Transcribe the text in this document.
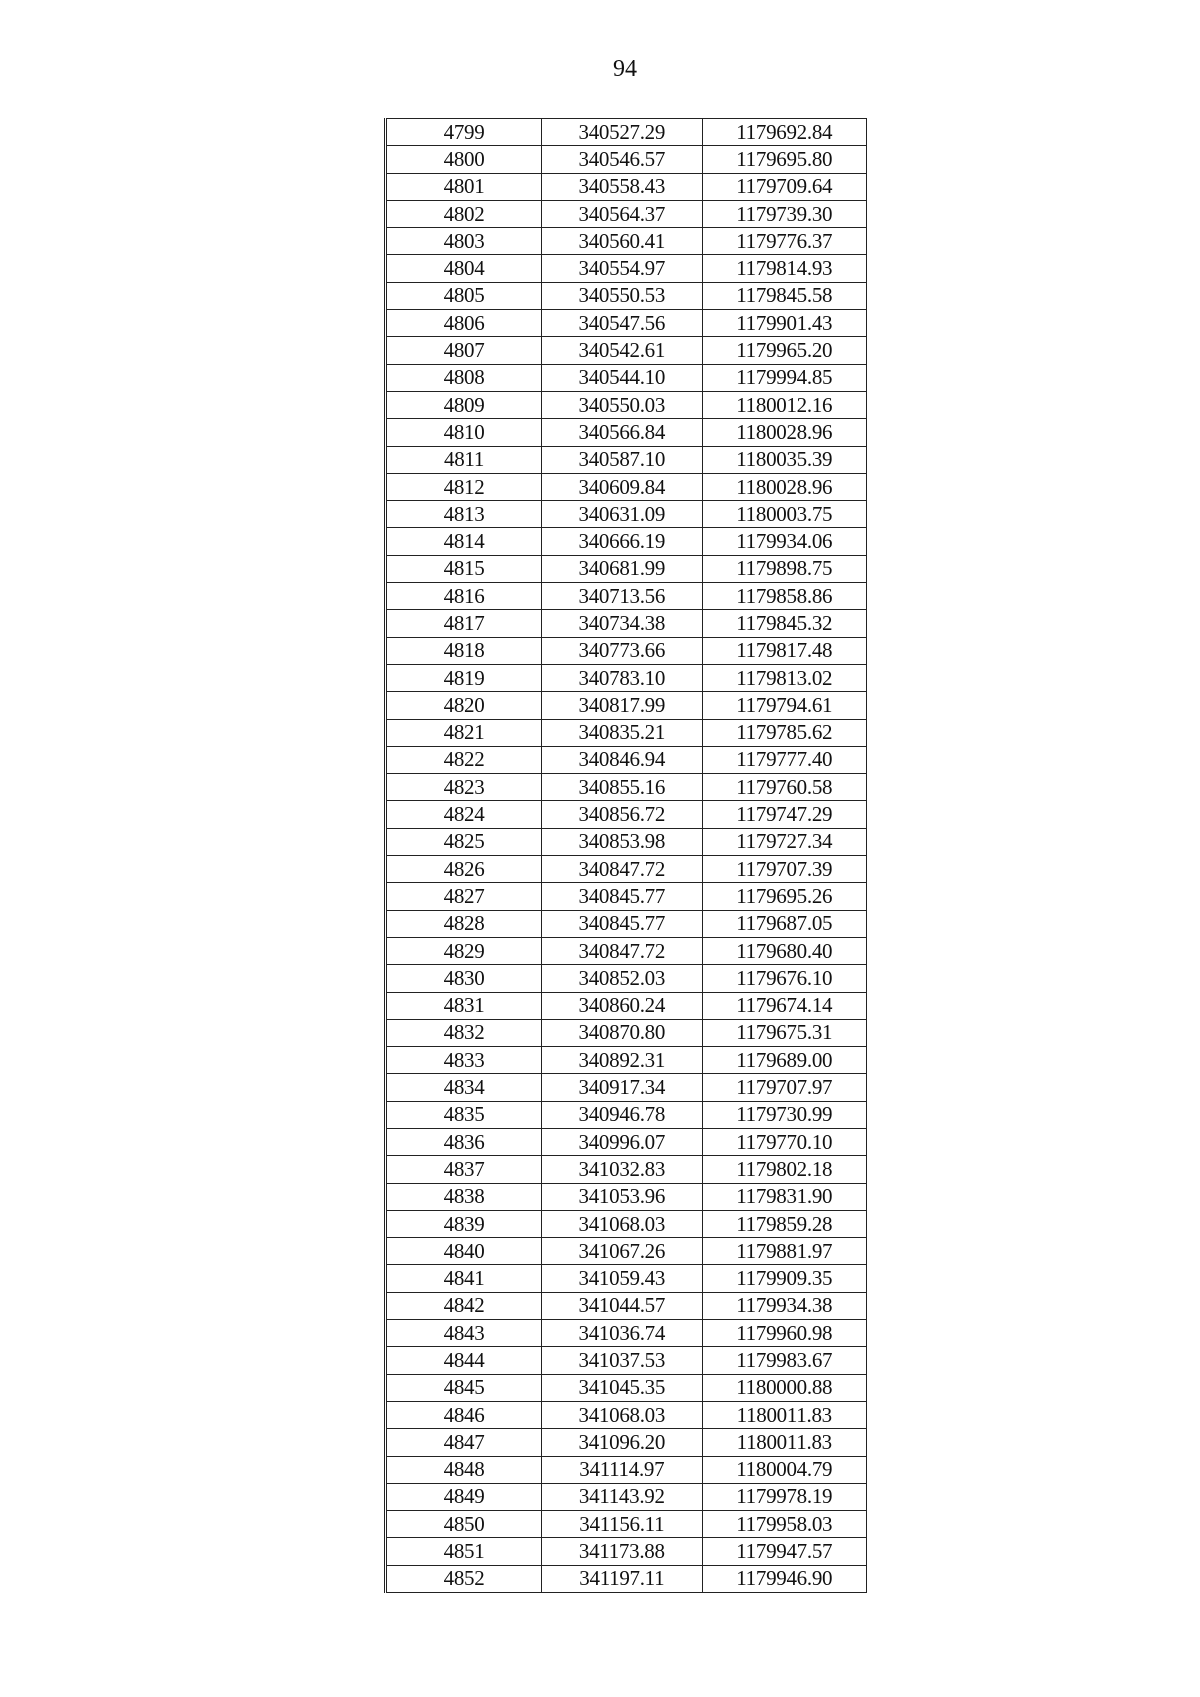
94
4799	340527.29	1179692.84
4800	340546.57	1179695.80
4801	340558.43	1179709.64
4802	340564.37	1179739.30
4803	340560.41	1179776.37
4804	340554.97	1179814.93
4805	340550.53	1179845.58
4806	340547.56	1179901.43
4807	340542.61	1179965.20
4808	340544.10	1179994.85
4809	340550.03	1180012.16
4810	340566.84	1180028.96
4811	340587.10	1180035.39
4812	340609.84	1180028.96
4813	340631.09	1180003.75
4814	340666.19	1179934.06
4815	340681.99	1179898.75
4816	340713.56	1179858.86
4817	340734.38	1179845.32
4818	340773.66	1179817.48
4819	340783.10	1179813.02
4820	340817.99	1179794.61
4821	340835.21	1179785.62
4822	340846.94	1179777.40
4823	340855.16	1179760.58
4824	340856.72	1179747.29
4825	340853.98	1179727.34
4826	340847.72	1179707.39
4827	340845.77	1179695.26
4828	340845.77	1179687.05
4829	340847.72	1179680.40
4830	340852.03	1179676.10
4831	340860.24	1179674.14
4832	340870.80	1179675.31
4833	340892.31	1179689.00
4834	340917.34	1179707.97
4835	340946.78	1179730.99
4836	340996.07	1179770.10
4837	341032.83	1179802.18
4838	341053.96	1179831.90
4839	341068.03	1179859.28
4840	341067.26	1179881.97
4841	341059.43	1179909.35
4842	341044.57	1179934.38
4843	341036.74	1179960.98
4844	341037.53	1179983.67
4845	341045.35	1180000.88
4846	341068.03	1180011.83
4847	341096.20	1180011.83
4848	341114.97	1180004.79
4849	341143.92	1179978.19
4850	341156.11	1179958.03
4851	341173.88	1179947.57
4852	341197.11	1179946.90
